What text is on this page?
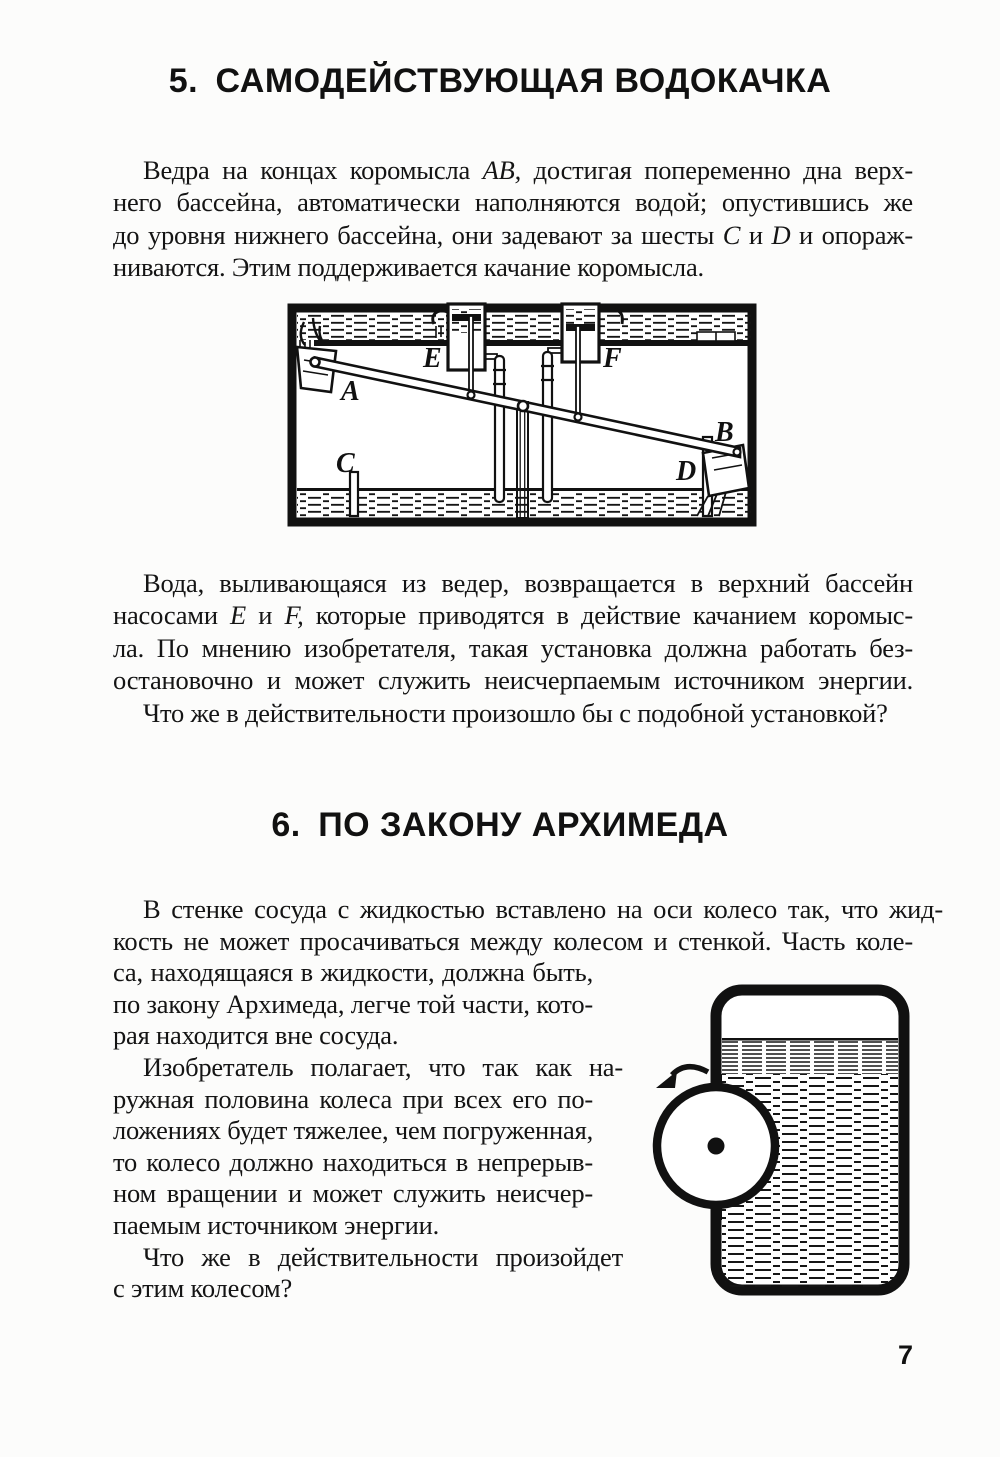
5. САМОДЕЙСТВУЮЩАЯ ВОДОКАЧКА
Ведра на концах коромысла АВ, достигая попеременно дна верх-
него бассейна, автоматически наполняются водой; опустившись же
до уровня нижнего бассейна, они задевают за шесты С и D и опораж-
ниваются. Этим поддерживается качание коромысла.
A
B
C	D
E	F
Вода, выливающаяся из ведер, возвращается в верхний бассейн
насосами Е и F, которые приводятся в действие качанием коромыс-
ла. По мнению изобретателя, такая установка должна работать без-
остановочно и может служить неисчерпаемым источником энергии.
Что же в действительности произошло бы с подобной установкой?
6. ПО ЗАКОНУ АРХИМЕДА
В стенке сосуда с жидкостью вставлено на оси колесо так, что жид-
кость не может просачиваться между колесом и стенкой. Часть коле-
са, находящаяся в жидкости, должна быть,
по закону Архимеда, легче той части, кото-
рая находится вне сосуда.
Изобретатель полагает, что так как на-
ружная половина колеса при всех его по-
ложениях будет тяжелее, чем погруженная,
то колесо должно находиться в непрерыв-
ном вращении и может служить неисчер-
паемым источником энергии.
Что же в действительности произойдет
с этим колесом?
7
